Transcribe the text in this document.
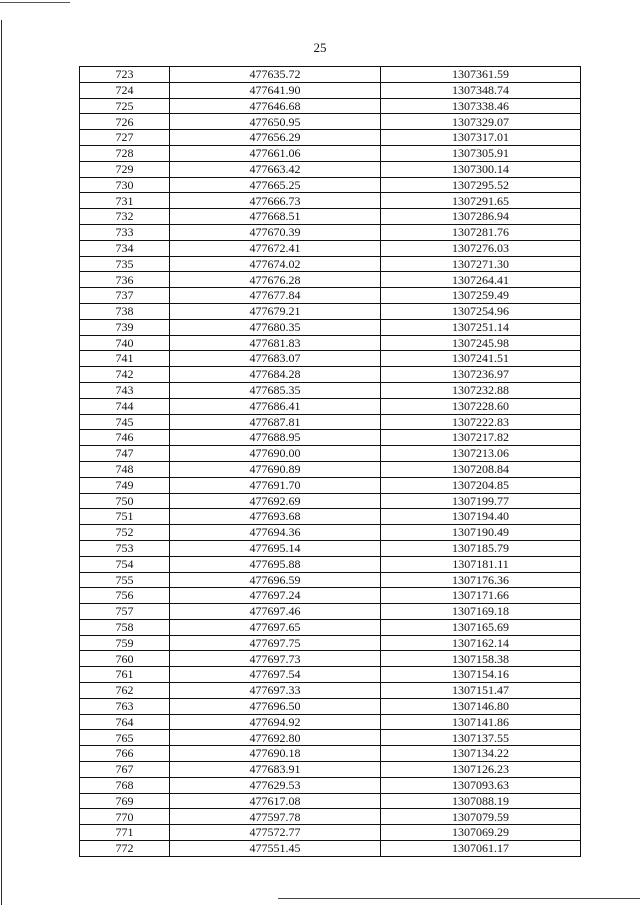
25
723	477635.72	1307361.59
724	477641.90	1307348.74
725	477646.68	1307338.46
726	477650.95	1307329.07
727	477656.29	1307317.01
728	477661.06	1307305.91
729	477663.42	1307300.14
730	477665.25	1307295.52
731	477666.73	1307291.65
732	477668.51	1307286.94
733	477670.39	1307281.76
734	477672.41	1307276.03
735	477674.02	1307271.30
736	477676.28	1307264.41
737	477677.84	1307259.49
738	477679.21	1307254.96
739	477680.35	1307251.14
740	477681.83	1307245.98
741	477683.07	1307241.51
742	477684.28	1307236.97
743	477685.35	1307232.88
744	477686.41	1307228.60
745	477687.81	1307222.83
746	477688.95	1307217.82
747	477690.00	1307213.06
748	477690.89	1307208.84
749	477691.70	1307204.85
750	477692.69	1307199.77
751	477693.68	1307194.40
752	477694.36	1307190.49
753	477695.14	1307185.79
754	477695.88	1307181.11
755	477696.59	1307176.36
756	477697.24	1307171.66
757	477697.46	1307169.18
758	477697.65	1307165.69
759	477697.75	1307162.14
760	477697.73	1307158.38
761	477697.54	1307154.16
762	477697.33	1307151.47
763	477696.50	1307146.80
764	477694.92	1307141.86
765	477692.80	1307137.55
766	477690.18	1307134.22
767	477683.91	1307126.23
768	477629.53	1307093.63
769	477617.08	1307088.19
770	477597.78	1307079.59
771	477572.77	1307069.29
772	477551.45	1307061.17
